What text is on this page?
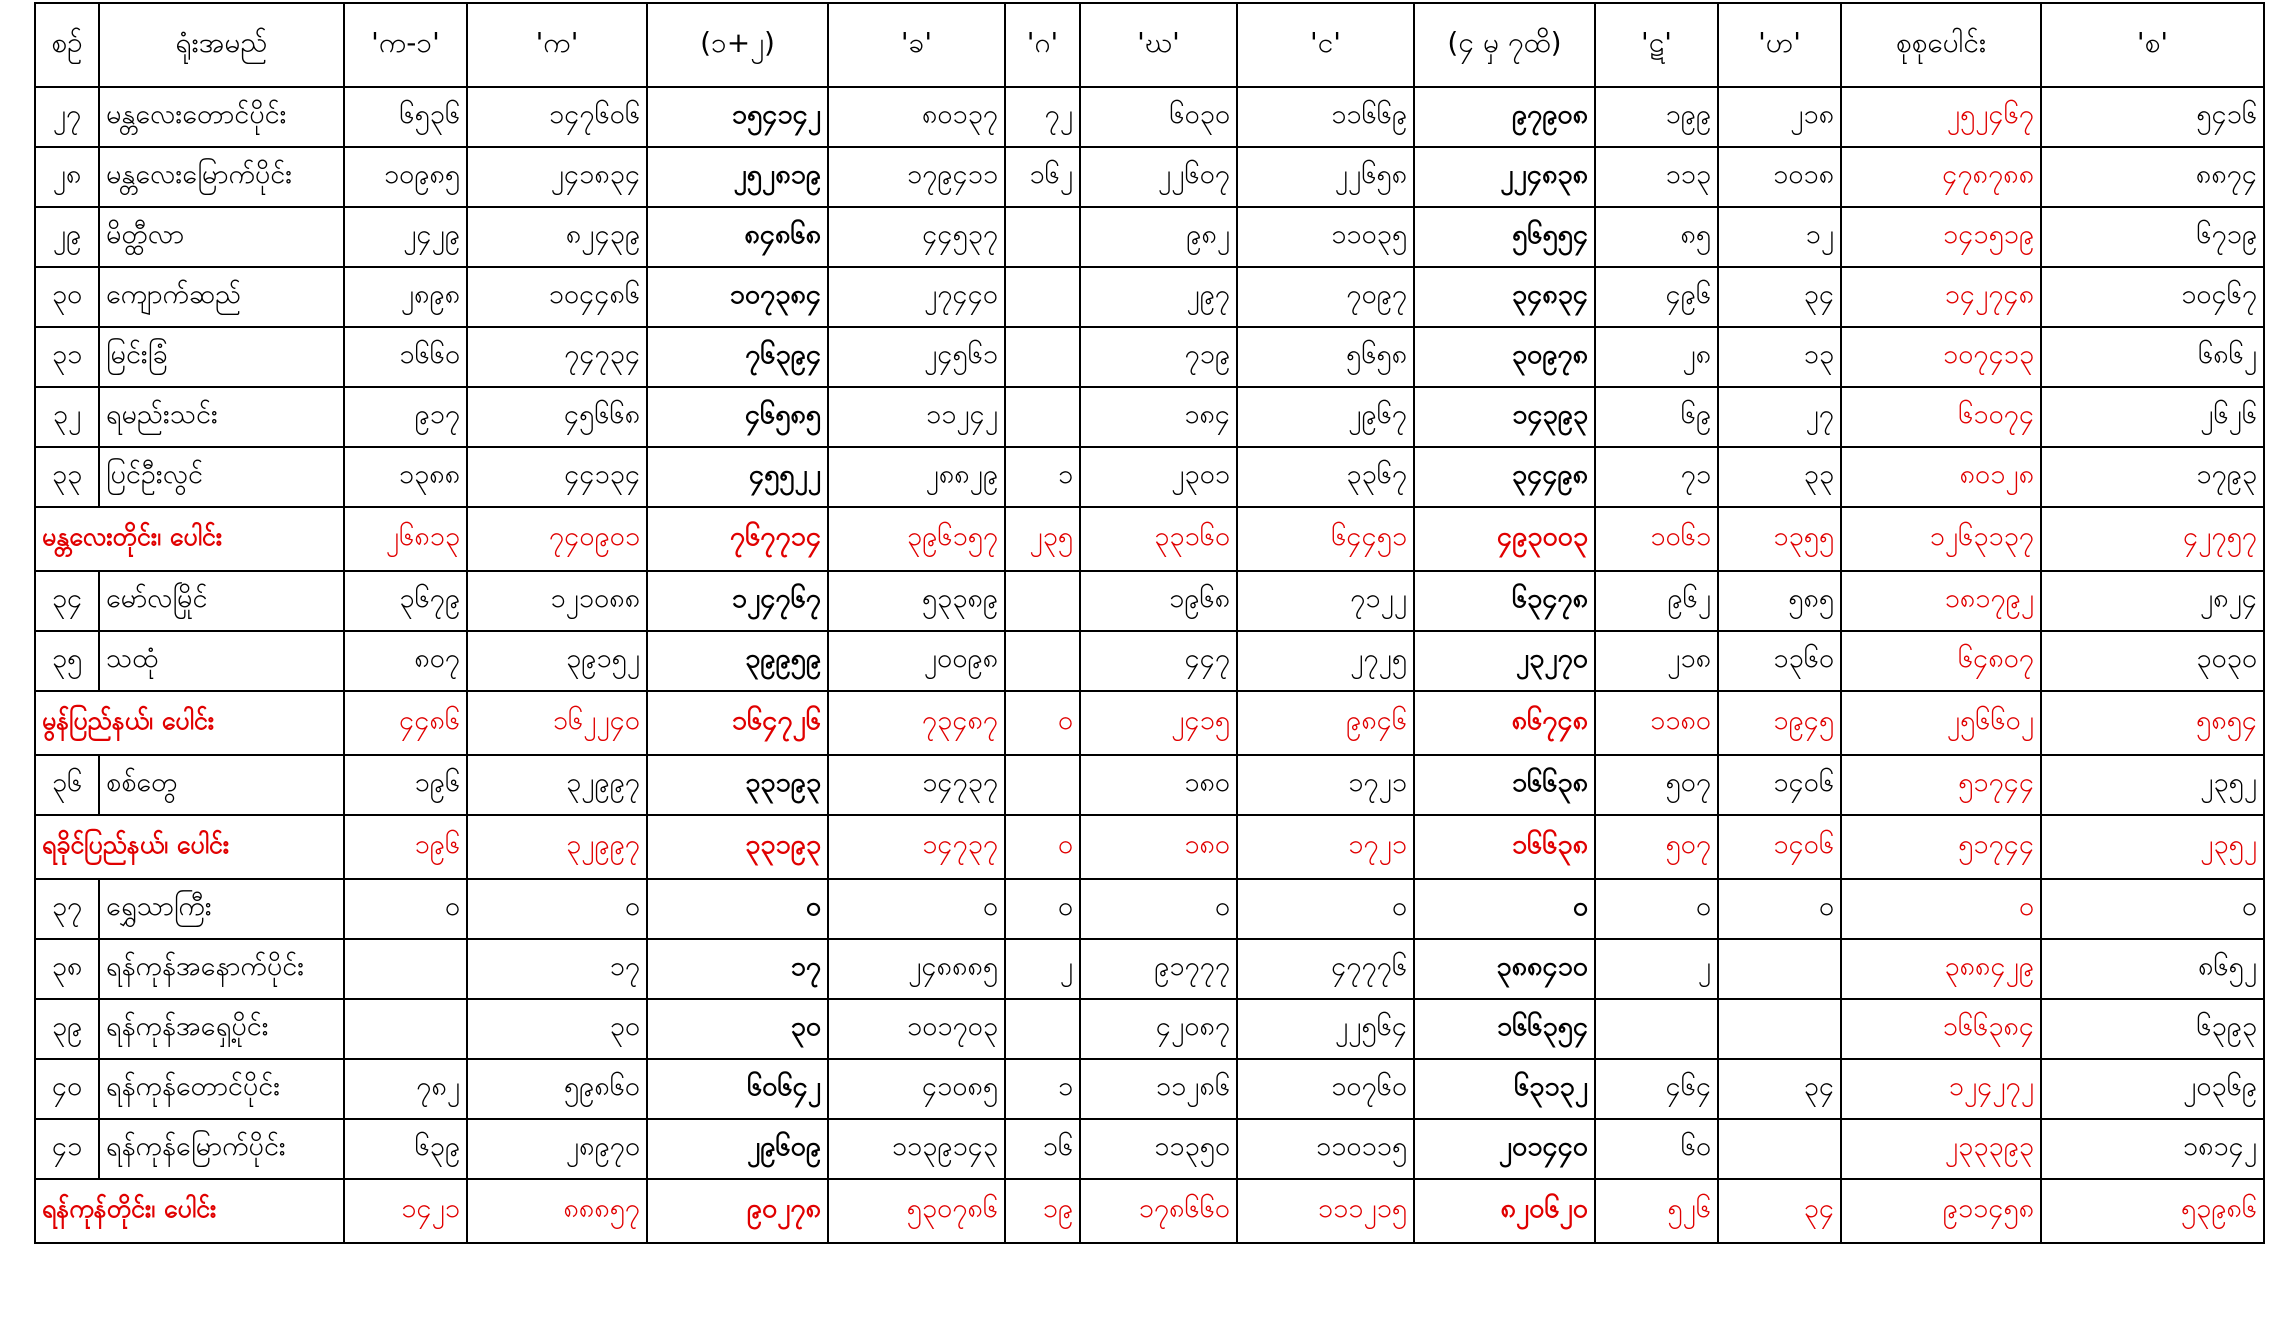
စဉ်	ရုံးအမည်	'က-၁'	'က'	(၁+၂)	'ခ'	'ဂ'	'ဃ'	'င'	(၄ မှ ၇ထိ)	'ဋ'	'ဟ'	စုစုပေါင်း	'စ'
၂၇	မန္တလေးတောင်ပိုင်း	၆၅၃၆	၁၄၇၆၀၆	၁၅၄၁၄၂	၈၀၁၃၇	၇၂	၆၀၃၀	၁၁၆၆၉	၉၇၉၀၈	၁၉၉	၂၁၈	၂၅၂၄၆၇	၅၄၁၆
၂၈	မန္တလေးမြောက်ပိုင်း	၁၀၉၈၅	၂၄၁၈၃၄	၂၅၂၈၁၉	၁၇၉၄၁၁	၁၆၂	၂၂၆၀၇	၂၂၆၅၈	၂၂၄၈၃၈	၁၁၃	၁၀၁၈	၄၇၈၇၈၈	၈၈၇၄
၂၉	မိတ္ထီလာ	၂၄၂၉	၈၂၄၃၉	၈၄၈၆၈	၄၄၅၃၇		၉၈၂	၁၁၀၃၅	၅၆၅၅၄	၈၅	၁၂	၁၄၁၅၁၉	၆၇၁၉
၃၀	ကျောက်ဆည်	၂၈၉၈	၁၀၄၄၈၆	၁၀၇၃၈၄	၂၇၄၄၀		၂၉၇	၇၀၉၇	၃၄၈၃၄	၄၉၆	၃၄	၁၄၂၇၄၈	၁၀၄၆၇
၃၁	မြင်းခြံ	၁၆၆၀	၇၄၇၃၄	၇၆၃၉၄	၂၄၅၆၁		၇၁၉	၅၆၅၈	၃၀၉၇၈	၂၈	၁၃	၁၀၇၄၁၃	၆၈၆၂
၃၂	ရမည်းသင်း	၉၁၇	၄၅၆၆၈	၄၆၅၈၅	၁၁၂၄၂		၁၈၄	၂၉၆၇	၁၄၃၉၃	၆၉	၂၇	၆၁၀၇၄	၂၆၂၆
၃၃	ပြင်ဦးလွင်	၁၃၈၈	၄၄၁၃၄	၄၅၅၂၂	၂၈၈၂၉	၁	၂၃၀၁	၃၃၆၇	၃၄၄၉၈	၇၁	၃၃	၈၀၁၂၈	၁၇၉၃
မန္တလေးတိုင်း၊ ပေါင်း		၂၆၈၁၃	၇၄၀၉၀၁	၇၆၇၇၁၄	၃၉၆၁၅၇	၂၃၅	၃၃၁၆၀	၆၄၄၅၁	၄၉၃၀၀၃	၁၀၆၁	၁၃၅၅	၁၂၆၃၁၃၇	၄၂၇၅၇
၃၄	မော်လမြိုင်	၃၆၇၉	၁၂၁၀၈၈	၁၂၄၇၆၇	၅၃၃၈၉		၁၉၆၈	၇၁၂၂	၆၃၄၇၈	၉၆၂	၅၈၅	၁၈၁၇၉၂	၂၈၂၄
၃၅	သထုံ	၈၀၇	၃၉၁၅၂	၃၉၉၅၉	၂၀၀၉၈		၄၄၇	၂၇၂၅	၂၃၂၇၀	၂၁၈	၁၃၆၀	၆၄၈၀၇	၃၀၃၀
မွန်ပြည်နယ်၊ ပေါင်း		၄၄၈၆	၁၆၂၂၄၀	၁၆၄၇၂၆	၇၃၄၈၇	၀	၂၄၁၅	၉၈၄၆	၈၆၇၄၈	၁၁၈၀	၁၉၄၅	၂၅၆၆၀၂	၅၈၅၄
၃၆	စစ်တွေ	၁၉၆	၃၂၉၉၇	၃၃၁၉၃	၁၄၇၃၇		၁၈၀	၁၇၂၁	၁၆၆၃၈	၅၀၇	၁၄၀၆	၅၁၇၄၄	၂၃၅၂
ရခိုင်ပြည်နယ်၊ ပေါင်း		၁၉၆	၃၂၉၉၇	၃၃၁၉၃	၁၄၇၃၇	၀	၁၈၀	၁၇၂၁	၁၆၆၃၈	၅၀၇	၁၄၀၆	၅၁၇၄၄	၂၃၅၂
၃၇	ရွှေသာကြီး	၀	၀	၀	၀	၀	၀	၀	၀	၀	၀	၀	၀
၃၈	ရန်ကုန်အနောက်ပိုင်း		၁၇	၁၇	၂၄၈၈၈၅	၂	၉၁၇၇၇	၄၇၇၇၆	၃၈၈၄၁၀	၂		၃၈၈၄၂၉	၈၆၅၂
၃၉	ရန်ကုန်အရှေ့ပိုင်း		၃၀	၃၀	၁၀၁၇၀၃		၄၂၀၈၇	၂၂၅၆၄	၁၆၆၃၅၄			၁၆၆၃၈၄	၆၃၉၃
၄၀	ရန်ကုန်တောင်ပိုင်း	၇၈၂	၅၉၈၆၀	၆၀၆၄၂	၄၁၀၈၅	၁	၁၁၂၈၆	၁၀၇၆၀	၆၃၁၃၂	၄၆၄	၃၄	၁၂၄၂၇၂	၂၀၃၆၉
၄၁	ရန်ကုန်မြောက်ပိုင်း	၆၃၉	၂၈၉၇၀	၂၉၆၀၉	၁၁၃၉၁၄၃	၁၆	၁၁၃၅၀	၁၁၀၁၁၅	၂၀၁၄၄၀	၆၀		၂၃၃၃၉၃	၁၈၁၄၂
ရန်ကုန်တိုင်း၊ ပေါင်း		၁၄၂၁	၈၈၈၅၇	၉၀၂၇၈	၅၃၀၇၈၆	၁၉	၁၇၈၆၆၀	၁၁၁၂၁၅	၈၂၀၆၂၀	၅၂၆	၃၄	၉၁၁၄၅၈	၅၃၉၈၆
